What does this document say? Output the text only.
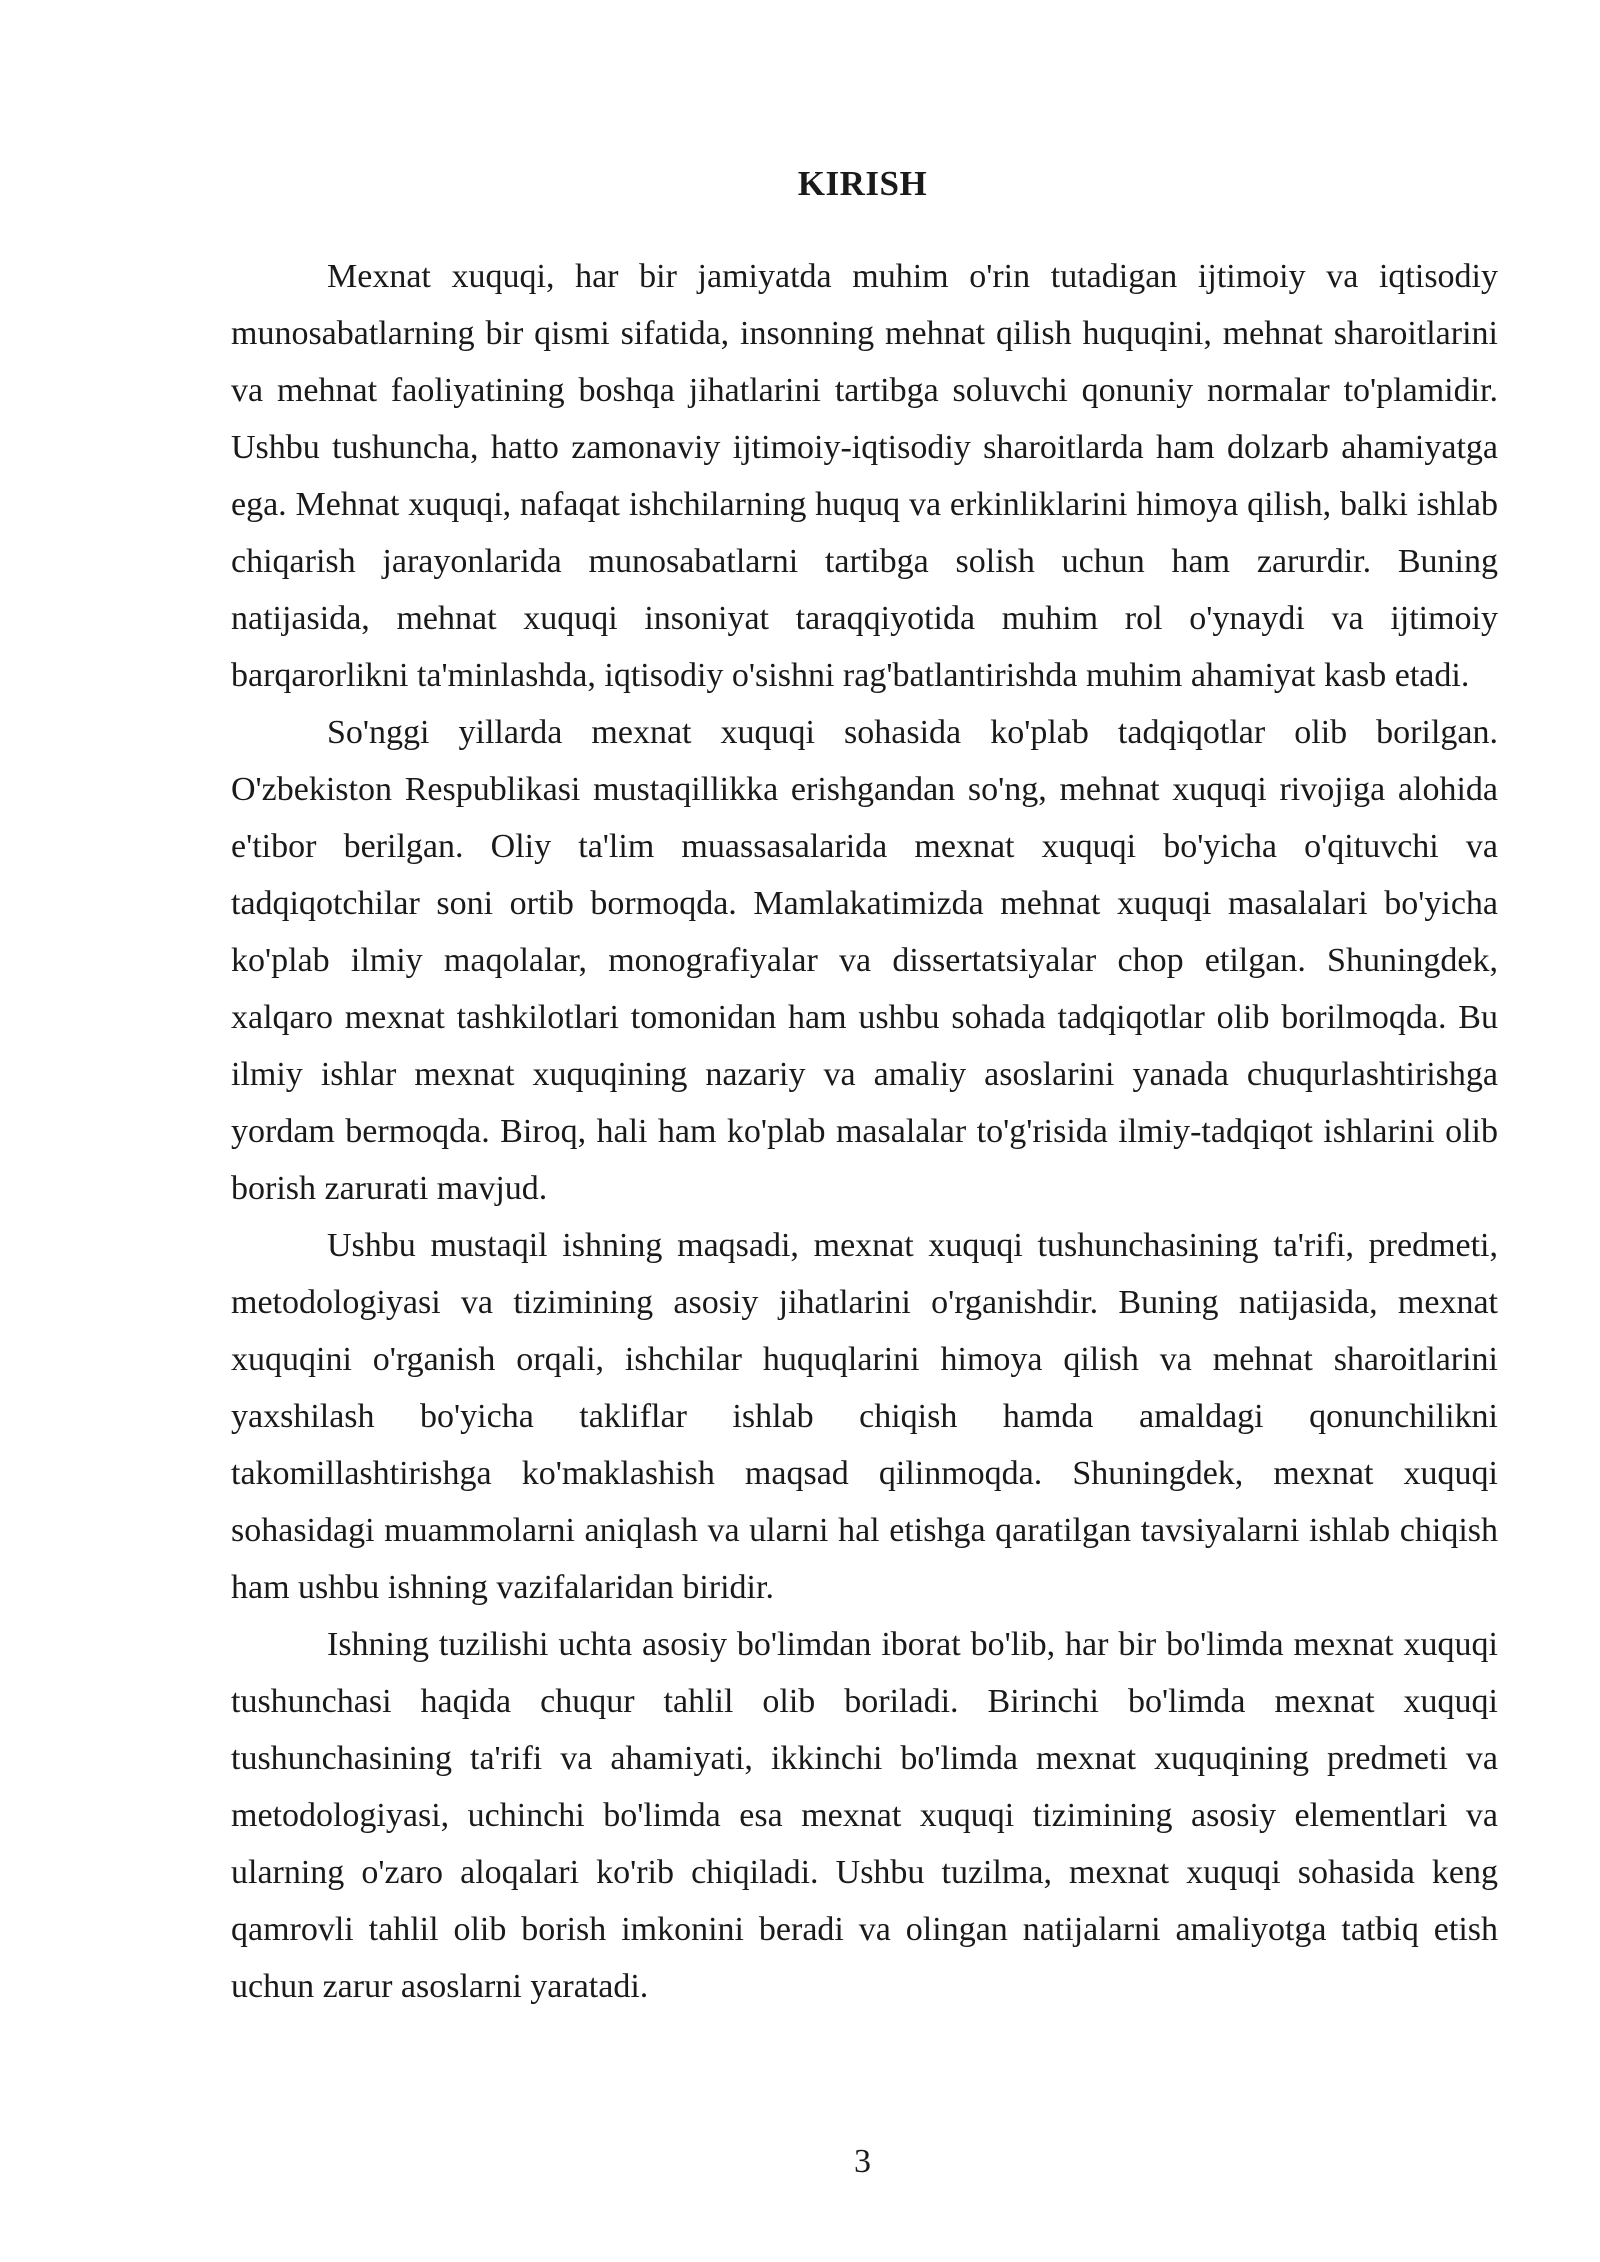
KIRISH

Mexnat xuquqi, har bir jamiyatda muhim o'rin tutadigan ijtimoiy va iqtisodiy munosabatlarning bir qismi sifatida, insonning mehnat qilish huquqini, mehnat sharoitlarini va mehnat faoliyatining boshqa jihatlarini tartibga soluvchi qonuniy normalar to'plamidir. Ushbu tushuncha, hatto zamonaviy ijtimoiy-iqtisodiy sharoitlarda ham dolzarb ahamiyatga ega. Mehnat xuquqi, nafaqat ishchilarning huquq va erkinliklarini himoya qilish, balki ishlab chiqarish jarayonlarida munosabatlarni tartibga solish uchun ham zarurdir. Buning natijasida, mehnat xuquqi insoniyat taraqqiyotida muhim rol o'ynaydi va ijtimoiy barqarorlikni ta'minlashda, iqtisodiy o'sishni rag'batlantirishda muhim ahamiyat kasb etadi.

So'nggi yillarda mexnat xuquqi sohasida ko'plab tadqiqotlar olib borilgan. O'zbekiston Respublikasi mustaqillikka erishgandan so'ng, mehnat xuquqi rivojiga alohida e'tibor berilgan. Oliy ta'lim muassasalarida mexnat xuquqi bo'yicha o'qituvchi va tadqiqotchilar soni ortib bormoqda. Mamlakatimizda mehnat xuquqi masalalari bo'yicha ko'plab ilmiy maqolalar, monografiyalar va dissertatsiyalar chop etilgan. Shuningdek, xalqaro mexnat tashkilotlari tomonidan ham ushbu sohada tadqiqotlar olib borilmoqda. Bu ilmiy ishlar mexnat xuquqining nazariy va amaliy asoslarini yanada chuqurlashtirishga yordam bermoqda. Biroq, hali ham ko'plab masalalar to'g'risida ilmiy-tadqiqot ishlarini olib borish zarurati mavjud.

Ushbu mustaqil ishning maqsadi, mexnat xuquqi tushunchasining ta'rifi, predmeti, metodologiyasi va tizimining asosiy jihatlarini o'rganishdir. Buning natijasida, mexnat xuquqini o'rganish orqali, ishchilar huquqlarini himoya qilish va mehnat sharoitlarini yaxshilash bo'yicha takliflar ishlab chiqish hamda amaldagi qonunchilikni takomillashtirishga ko'maklashish maqsad qilinmoqda. Shuningdek, mexnat xuquqi sohasidagi muammolarni aniqlash va ularni hal etishga qaratilgan tavsiyalarni ishlab chiqish ham ushbu ishning vazifalaridan biridir.

Ishning tuzilishi uchta asosiy bo'limdan iborat bo'lib, har bir bo'limda mexnat xuquqi tushunchasi haqida chuqur tahlil olib boriladi. Birinchi bo'limda mexnat xuquqi tushunchasining ta'rifi va ahamiyati, ikkinchi bo'limda mexnat xuquqining predmeti va metodologiyasi, uchinchi bo'limda esa mexnat xuquqi tizimining asosiy elementlari va ularning o'zaro aloqalari ko'rib chiqiladi. Ushbu tuzilma, mexnat xuquqi sohasida keng qamrovli tahlil olib borish imkonini beradi va olingan natijalarni amaliyotga tatbiq etish uchun zarur asoslarni yaratadi.

3
